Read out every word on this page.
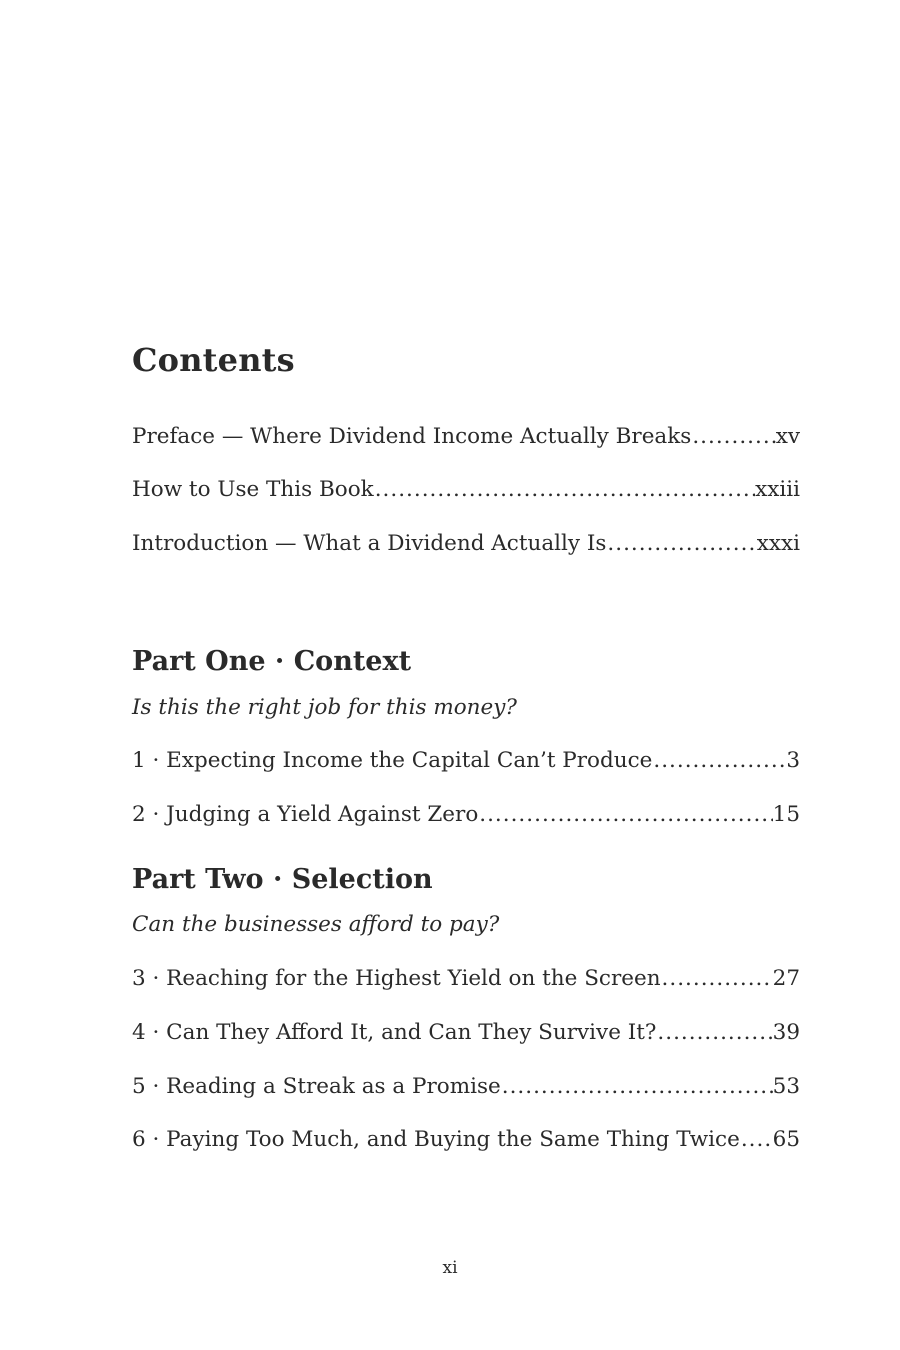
Contents
Preface — Where Dividend Income Actually Breaks .....	xv
How to Use This Book .....	xxiii
Introduction — What a Dividend Actually Is .....	xxxi
Part One · Context

Is this the right job for this money?

1 · Expecting Income the Capital Can’t Produce .....	3
2 · Judging a Yield Against Zero .....	15
Part Two · Selection

Can the businesses afford to pay?

3 · Reaching for the Highest Yield on the Screen .....	27
4 · Can They Afford It, and Can They Survive It? .....	39
5 · Reading a Streak as a Promise .....	53
6 · Paying Too Much, and Buying the Same Thing Twice ..... 65
xi
